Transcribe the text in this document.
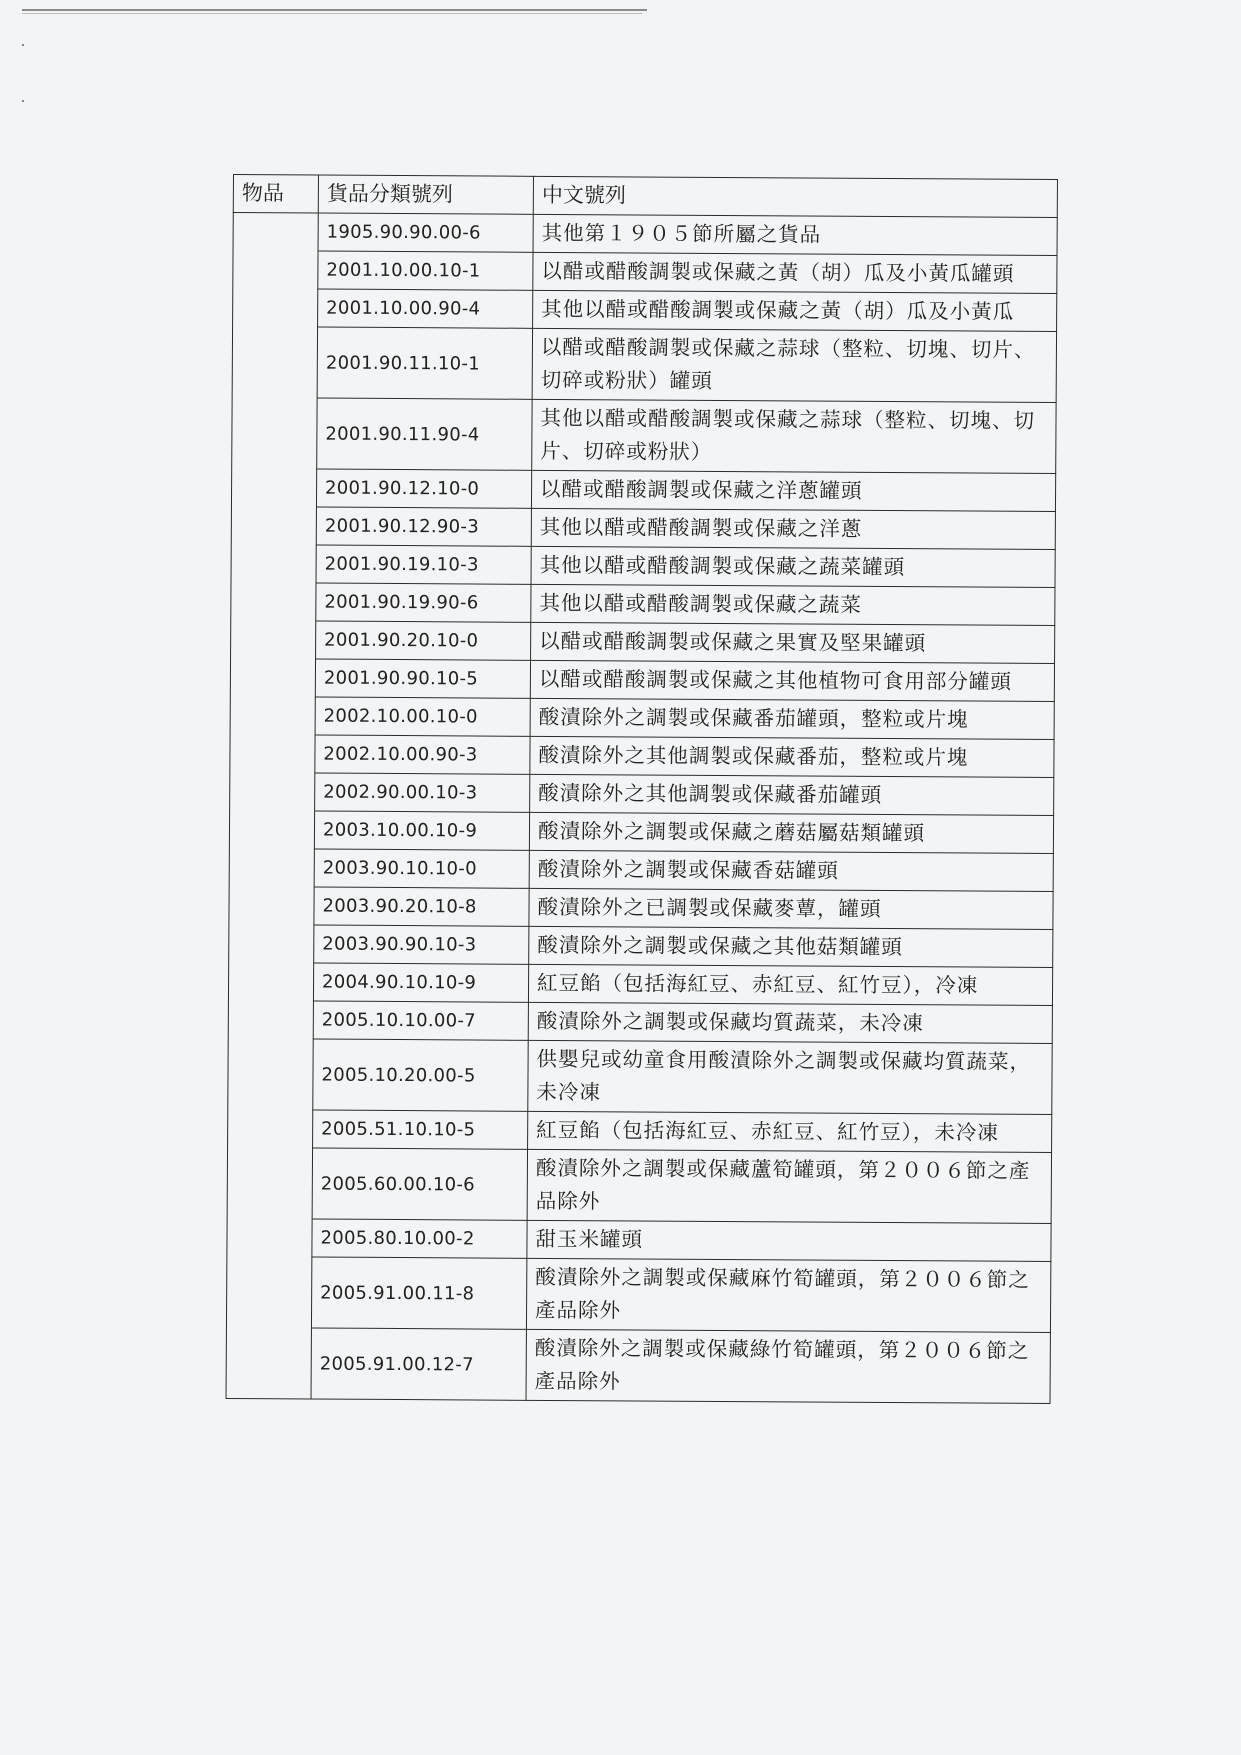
物品	貨品分類號列	中文號列
	1905.90.90.00-6	其他第１９０５節所屬之貨品
	2001.10.00.10-1	以醋或醋酸調製或保藏之黃（胡）瓜及小黃瓜罐頭
	2001.10.00.90-4	其他以醋或醋酸調製或保藏之黃（胡）瓜及小黃瓜
	2001.90.11.10-1	以醋或醋酸調製或保藏之蒜球（整粒、切塊、切片、切碎或粉狀）罐頭
	2001.90.11.90-4	其他以醋或醋酸調製或保藏之蒜球（整粒、切塊、切片、切碎或粉狀）
	2001.90.12.10-0	以醋或醋酸調製或保藏之洋蔥罐頭
	2001.90.12.90-3	其他以醋或醋酸調製或保藏之洋蔥
	2001.90.19.10-3	其他以醋或醋酸調製或保藏之蔬菜罐頭
	2001.90.19.90-6	其他以醋或醋酸調製或保藏之蔬菜
	2001.90.20.10-0	以醋或醋酸調製或保藏之果實及堅果罐頭
	2001.90.90.10-5	以醋或醋酸調製或保藏之其他植物可食用部分罐頭
	2002.10.00.10-0	酸漬除外之調製或保藏番茄罐頭，整粒或片塊
	2002.10.00.90-3	酸漬除外之其他調製或保藏番茄，整粒或片塊
	2002.90.00.10-3	酸漬除外之其他調製或保藏番茄罐頭
	2003.10.00.10-9	酸漬除外之調製或保藏之蘑菇屬菇類罐頭
	2003.90.10.10-0	酸漬除外之調製或保藏香菇罐頭
	2003.90.20.10-8	酸漬除外之已調製或保藏麥蕈，罐頭
	2003.90.90.10-3	酸漬除外之調製或保藏之其他菇類罐頭
	2004.90.10.10-9	紅豆餡（包括海紅豆、赤紅豆、紅竹豆），冷凍
	2005.10.10.00-7	酸漬除外之調製或保藏均質蔬菜，未冷凍
	2005.10.20.00-5	供嬰兒或幼童食用酸漬除外之調製或保藏均質蔬菜，未冷凍
	2005.51.10.10-5	紅豆餡（包括海紅豆、赤紅豆、紅竹豆），未冷凍
	2005.60.00.10-6	酸漬除外之調製或保藏蘆筍罐頭，第２００６節之產品除外
	2005.80.10.00-2	甜玉米罐頭
	2005.91.00.11-8	酸漬除外之調製或保藏麻竹筍罐頭，第２００６節之產品除外
	2005.91.00.12-7	酸漬除外之調製或保藏綠竹筍罐頭，第２００６節之產品除外
